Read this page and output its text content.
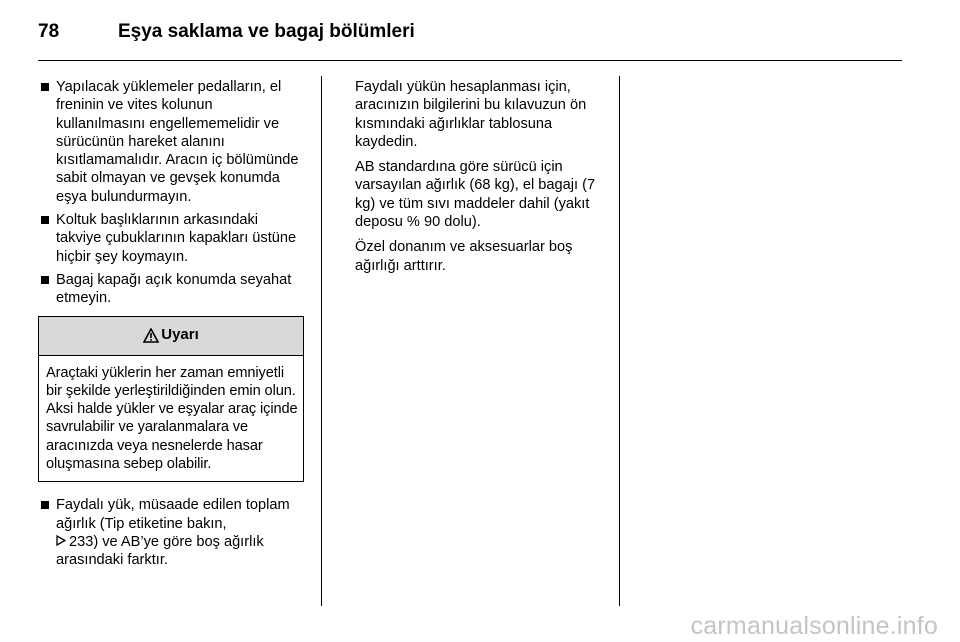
78	Eşya saklama ve bagaj bölümleri
Yapılacak yüklemeler pedalların, el freninin ve vites kolunun kullanılmasını engellememelidir ve sürücünün hareket alanını kısıtlamamalıdır. Aracın iç bölümünde sabit olmayan ve gevşek konumda eşya bulundurmayın.
Koltuk başlıklarının arkasındaki takviye çubuklarının kapakları üstüne hiçbir şey koymayın.
Bagaj kapağı açık konumda seyahat etmeyin.
Uyarı
Araçtaki yüklerin her zaman emniyetli bir şekilde yerleştirildiğinden emin olun. Aksi halde yükler ve eşyalar araç içinde savrulabilir ve yaralanmalara ve aracınızda veya nesnelerde hasar oluşmasına sebep olabilir.
Faydalı yük, müsaade edilen toplam ağırlık (Tip etiketine bakın,
233) ve AB’ye göre boş ağırlık arasındaki farktır.

Faydalı yükün hesaplanması için, aracınızın bilgilerini bu kılavuzun ön kısmındaki ağırlıklar tablosuna kaydedin.

AB standardına göre sürücü için varsayılan ağırlık (68 kg), el bagajı (7 kg) ve tüm sıvı maddeler dahil (yakıt deposu % 90 dolu).

Özel donanım ve aksesuarlar boş ağırlığı arttırır.

carmanualsonline.info
